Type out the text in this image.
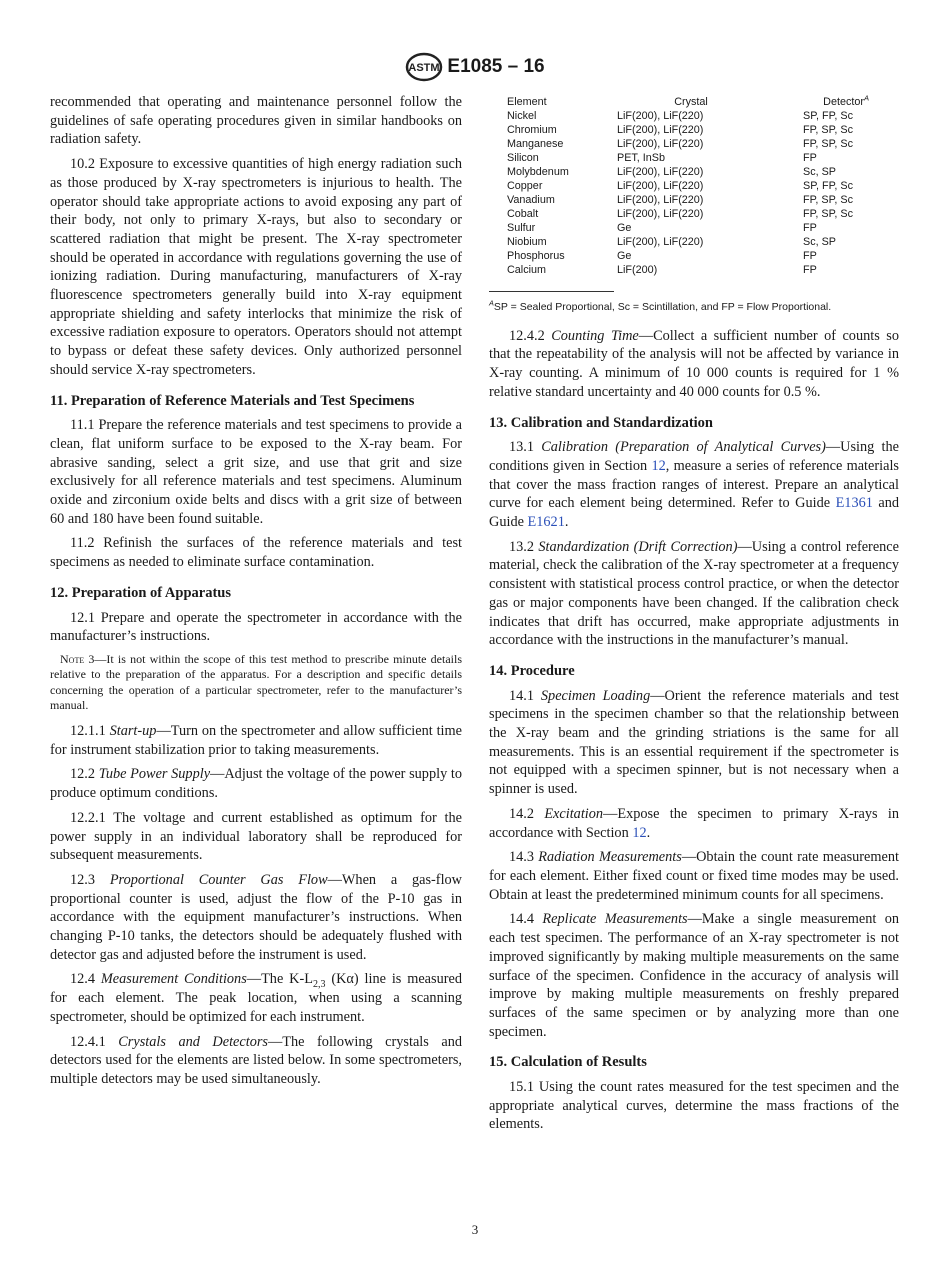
ASTM E1085 – 16

recommended that operating and maintenance personnel follow the guidelines of safe operating procedures given in similar handbooks on radiation safety.

10.2 Exposure to excessive quantities of high energy radiation such as those produced by X-ray spectrometers is injurious to health. The operator should take appropriate actions to avoid exposing any part of their body, not only to primary X-rays, but also to secondary or scattered radiation that might be present. The X-ray spectrometer should be operated in accordance with regulations governing the use of ionizing radiation. During manufacturing, manufacturers of X-ray fluorescence spectrometers generally build into X-ray equipment appropriate shielding and safety interlocks that minimize the risk of excessive radiation exposure to operators. Operators should not attempt to bypass or defeat these safety devices. Only authorized personnel should service X-ray spectrometers.

11. Preparation of Reference Materials and Test Specimens

11.1 Prepare the reference materials and test specimens to provide a clean, flat uniform surface to be exposed to the X-ray beam. For abrasive sanding, select a grit size, and use that grit and size exclusively for all reference materials and test specimens. Aluminum oxide and zirconium oxide belts and discs with a grit size of between 60 and 180 have been found suitable.

11.2 Refinish the surfaces of the reference materials and test specimens as needed to eliminate surface contamination.

12. Preparation of Apparatus

12.1 Prepare and operate the spectrometer in accordance with the manufacturer’s instructions.

Note 3—It is not within the scope of this test method to prescribe minute details relative to the preparation of the apparatus. For a description and specific details concerning the operation of a particular spectrometer, refer to the manufacturer’s manual.

12.1.1 Start-up—Turn on the spectrometer and allow sufficient time for instrument stabilization prior to taking measurements.

12.2 Tube Power Supply—Adjust the voltage of the power supply to produce optimum conditions.

12.2.1 The voltage and current established as optimum for the power supply in an individual laboratory shall be reproduced for subsequent measurements.

12.3 Proportional Counter Gas Flow—When a gas-flow proportional counter is used, adjust the flow of the P-10 gas in accordance with the equipment manufacturer’s instructions. When changing P-10 tanks, the detectors should be adequately flushed with detector gas and adjusted before the instrument is used.

12.4 Measurement Conditions—The $K-L_{2,3}$ (Kα) line is measured for each element. The peak location, when using a scanning spectrometer, should be optimized for each instrument.

12.4.1 Crystals and Detectors—The following crystals and detectors used for the elements are listed below. In some spectrometers, multiple detectors may be used simultaneously.

Element	Crystal	Detector$^A$
Nickel	LiF(200), LiF(220)	SP, FP, Sc
Chromium	LiF(200), LiF(220)	FP, SP, Sc
Manganese	LiF(200), LiF(220)	FP, SP, Sc
Silicon	PET, InSb	FP
Molybdenum	LiF(200), LiF(220)	Sc, SP
Copper	LiF(200), LiF(220)	SP, FP, Sc
Vanadium	LiF(200), LiF(220)	FP, SP, Sc
Cobalt	LiF(200), LiF(220)	FP, SP, Sc
Sulfur	Ge	FP
Niobium	LiF(200), LiF(220)	Sc, SP
Phosphorus	Ge	FP
Calcium	LiF(200)	FP
$^A$SP = Sealed Proportional, Sc = Scintillation, and FP = Flow Proportional.

12.4.2 Counting Time—Collect a sufficient number of counts so that the repeatability of the analysis will not be affected by variance in X-ray counting. A minimum of 10 000 counts is required for 1 % relative standard uncertainty and 40 000 counts for 0.5 %.

13. Calibration and Standardization

13.1 Calibration (Preparation of Analytical Curves)—Using the conditions given in Section 12, measure a series of reference materials that cover the mass fraction ranges of interest. Prepare an analytical curve for each element being determined. Refer to Guide E1361 and Guide E1621.

13.2 Standardization (Drift Correction)—Using a control reference material, check the calibration of the X-ray spectrometer at a frequency consistent with statistical process control practice, or when the detector gas or major components have been changed. If the calibration check indicates that drift has occurred, make appropriate adjustments in accordance with the instructions in the manufacturer’s manual.

14. Procedure

14.1 Specimen Loading—Orient the reference materials and test specimens in the specimen chamber so that the relationship between the X-ray beam and the grinding striations is the same for all measurements. This is an essential requirement if the spectrometer is not equipped with a specimen spinner, but is not necessary when a spinner is used.

14.2 Excitation—Expose the specimen to primary X-rays in accordance with Section 12.

14.3 Radiation Measurements—Obtain the count rate measurement for each element. Either fixed count or fixed time modes may be used. Obtain at least the predetermined minimum counts for all specimens.

14.4 Replicate Measurements—Make a single measurement on each test specimen. The performance of an X-ray spectrometer is not improved significantly by making multiple measurements on the same surface of the specimen. Confidence in the accuracy of analysis will improve by making multiple measurements on freshly prepared surfaces of the same specimen or by analyzing more than one specimen.

15. Calculation of Results

15.1 Using the count rates measured for the test specimen and the appropriate analytical curves, determine the mass fractions of the elements.

3
